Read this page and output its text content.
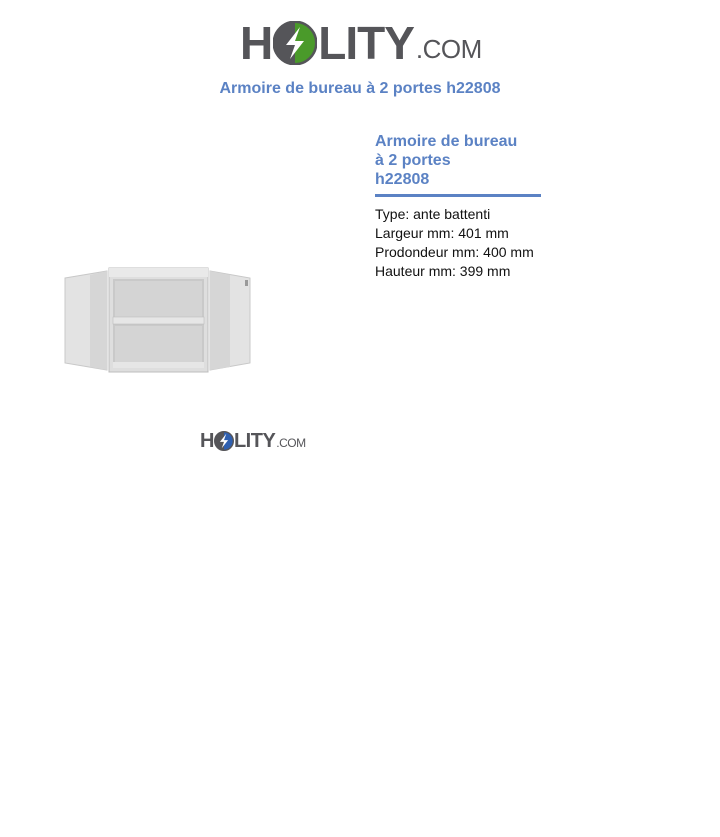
H LITY .COM
Armoire de bureau à 2 portes h22808
H LITY .COM
Armoire de bureau
à 2 portes
h22808
Type: ante battenti
Largeur mm: 401 mm
Prodondeur mm: 400 mm
Hauteur mm: 399 mm
